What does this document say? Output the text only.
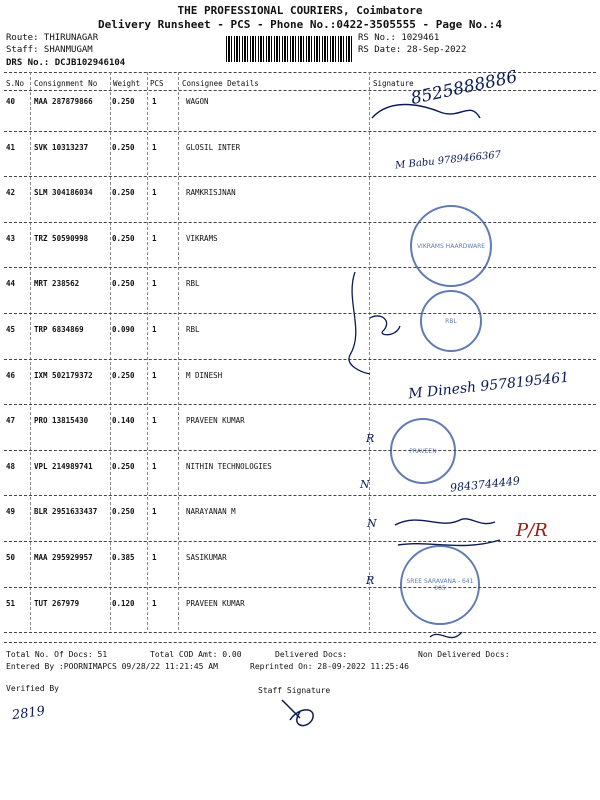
THE PROFESSIONAL COURIERS, Coimbatore
Delivery Runsheet - PCS - Phone No.:0422-3505555 - Page No.:4
Route: THIRUNAGAR
Staff: SHANMUGAM
DRS No.: DCJB102946104
RS No.: 1029461
RS Date: 28-Sep-2022
S.No Consignment No Weight PCS Consignee Details	Signature
40	MAA 287879866	0.250 1	WAGON
41	SVK 10313237	0.250 1	GLOSIL INTER
42	SLM 304186034	0.250 1	RAMKRISJNAN
43	TRZ 50590998	0.250 1	VIKRAMS
44	MRT 238562	0.250 1	RBL
45	TRP 6834869	0.090 1	RBL
46	IXM 502179372	0.250 1	M DINESH
47	PRO 13815430	0.140 1	PRAVEEN KUMAR
48	VPL 214989741	0.250 1	NITHIN TECHNOLOGIES
49	BLR 2951633437 0.250 1	NARAYANAN M
50	MAA 295929957	0.385 1	SASIKUMAR
51	TUT 267979	0.120 1	PRAVEEN KUMAR
8525888886
M Babu 9789466367
M Dinesh 9578195461
9843744449
P/R
R
N
N
R
VIKRAMS HAARDWARE
RBL
PRAVEEN
SREE SARAVANA - 641 005
Total No. Of Docs: 51	Total COD Amt: 0.00	Delivered Docs:	Non Delivered Docs:
Entered By :POORNIMAPCS 09/28/22 11:21:45 AM	Reprinted On: 28-09-2022 11:25:46
Verified By	Staff Signature
2819
